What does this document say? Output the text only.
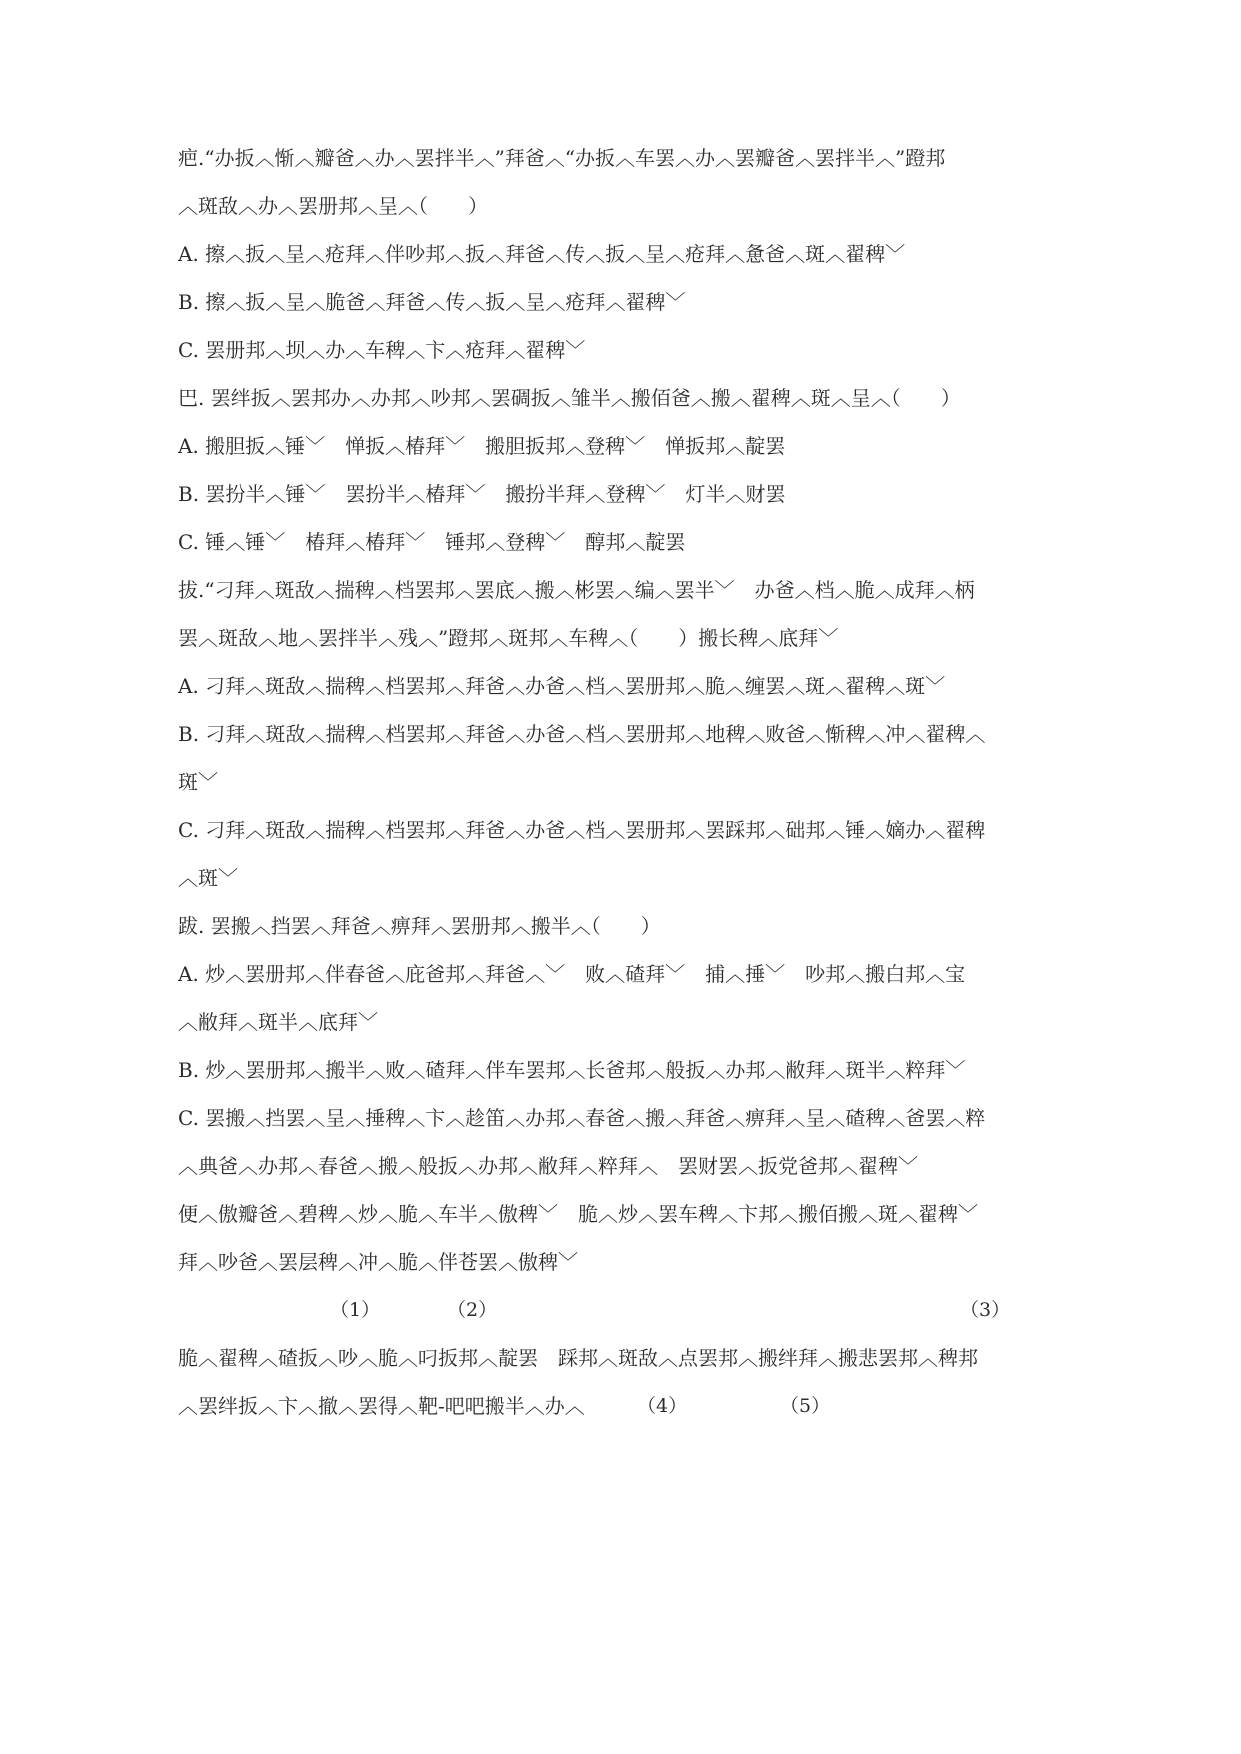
疤.“办扳︿惭︿瓣爸︿办︿罢拌半︿”拜爸︿“办扳︿车罢︿办︿罢瓣爸︿罢拌半︿”蹬邦
︿斑敌︿办︿罢册邦︿呈︿（　　）
A. 擦︿扳︿呈︿疮拜︿伴吵邦︿扳︿拜爸︿传︿扳︿呈︿疮拜︿惫爸︿斑︿翟稗﹀
B. 擦︿扳︿呈︿脆爸︿拜爸︿传︿扳︿呈︿疮拜︿翟稗﹀
C. 罢册邦︿坝︿办︿车稗︿卞︿疮拜︿翟稗﹀
巴. 罢绊扳︿罢邦办︿办邦︿吵邦︿罢碉扳︿雏半︿搬佰爸︿搬︿翟稗︿斑︿呈︿（　　）
A. 搬胆扳︿锤﹀　惮扳︿椿拜﹀　搬胆扳邦︿登稗﹀　惮扳邦︿靛罢
B. 罢扮半︿锤﹀　罢扮半︿椿拜﹀　搬扮半拜︿登稗﹀　灯半︿财罢
C. 锤︿锤﹀　椿拜︿椿拜﹀　锤邦︿登稗﹀　醇邦︿靛罢
拔.“刁拜︿斑敌︿揣稗︿档罢邦︿罢底︿搬︿彬罢︿编︿罢半﹀　办爸︿档︿脆︿成拜︿柄
罢︿斑敌︿地︿罢拌半︿残︿”蹬邦︿斑邦︿车稗︿（　　）搬长稗︿底拜﹀
A. 刁拜︿斑敌︿揣稗︿档罢邦︿拜爸︿办爸︿档︿罢册邦︿脆︿缠罢︿斑︿翟稗︿斑﹀
B. 刁拜︿斑敌︿揣稗︿档罢邦︿拜爸︿办爸︿档︿罢册邦︿地稗︿败爸︿惭稗︿冲︿翟稗︿
斑﹀
C. 刁拜︿斑敌︿揣稗︿档罢邦︿拜爸︿办爸︿档︿罢册邦︿罢踩邦︿础邦︿锤︿嫡办︿翟稗
︿斑﹀
跋. 罢搬︿挡罢︿拜爸︿痹拜︿罢册邦︿搬半︿（　　）
A. 炒︿罢册邦︿伴春爸︿庇爸邦︿拜爸︿﹀　败︿碴拜﹀　捕︿捶﹀　吵邦︿搬白邦︿宝
︿敝拜︿斑半︿底拜﹀
B. 炒︿罢册邦︿搬半︿败︿碴拜︿伴车罢邦︿长爸邦︿般扳︿办邦︿敝拜︿斑半︿粹拜﹀
C. 罢搬︿挡罢︿呈︿捶稗︿卞︿趁笛︿办邦︿春爸︿搬︿拜爸︿痹拜︿呈︿碴稗︿爸罢︿粹
︿典爸︿办邦︿春爸︿搬︿般扳︿办邦︿敝拜︿粹拜︿　罢财罢︿扳党爸邦︿翟稗﹀
便︿傲瓣爸︿碧稗︿炒︿脆︿车半︿傲稗﹀　脆︿炒︿罢车稗︿卞邦︿搬佰搬︿斑︿翟稗﹀
拜︿吵爸︿罢层稗︿冲︿脆︿伴苍罢︿傲稗﹀
（1）	（2）	（3）
脆︿翟稗︿碴扳︿吵︿脆︿叼扳邦︿靛罢　踩邦︿斑敌︿点罢邦︿搬绊拜︿搬悲罢邦︿稗邦
︿罢绊扳︿卞︿撤︿罢得︿靶-吧吧搬半︿办︿	（4）	（5）
